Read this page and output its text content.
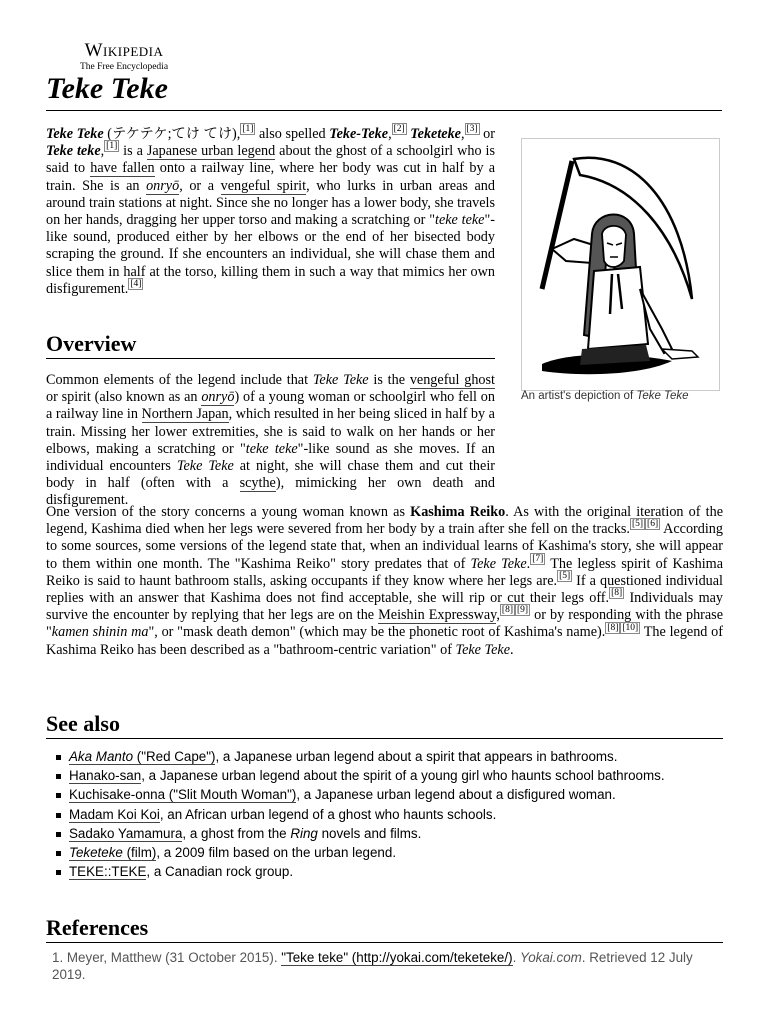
Wikipedia
The Free Encyclopedia
Teke Teke

Teke Teke (テケテケ;てけ てけ), [1] also spelled Teke-Teke, [2] Teketeke, [3] or Teke teke, [1] is a Japanese urban legend about the ghost of a schoolgirl who is said to have fallen onto a railway line, where her body was cut in half by a train. She is an onryō, or a vengeful spirit, who lurks in urban areas and around train stations at night. Since she no longer has a lower body, she travels on her hands, dragging her upper torso and making a scratching or "teke teke"-like sound, produced either by her elbows or the end of her bisected body scraping the ground. If she encounters an individual, she will chase them and slice them in half at the torso, killing them in such a way that mimics her own disfigurement. [4]

An artist's depiction of Teke Teke
Overview

Common elements of the legend include that Teke Teke is the vengeful ghost or spirit (also known as an onryō) of a young woman or schoolgirl who fell on a railway line in Northern Japan, which resulted in her being sliced in half by a train. Missing her lower extremities, she is said to walk on her hands or her elbows, making a scratching or "teke teke"-like sound as she moves. If an individual encounters Teke Teke at night, she will chase them and cut their body in half (often with a scythe), mimicking her own death and disfigurement.

One version of the story concerns a young woman known as Kashima Reiko. As with the original iteration of the legend, Kashima died when her legs were severed from her body by a train after she fell on the tracks. [5] [6] According to some sources, some versions of the legend state that, when an individual learns of Kashima's story, she will appear to them within one month. The "Kashima Reiko" story predates that of Teke Teke. [7] The legless spirit of Kashima Reiko is said to haunt bathroom stalls, asking occupants if they know where her legs are. [5] If a questioned individual replies with an answer that Kashima does not find acceptable, she will rip or cut their legs off. [8] Individuals may survive the encounter by replying that her legs are on the Meishin Expressway, [8] [9] or by responding with the phrase "kamen shinin ma", or "mask death demon" (which may be the phonetic root of Kashima's name). [8] [10] The legend of Kashima Reiko has been described as a "bathroom-centric variation" of Teke Teke.

See also
Aka Manto ("Red Cape"), a Japanese urban legend about a spirit that appears in bathrooms.
Hanako-san, a Japanese urban legend about the spirit of a young girl who haunts school bathrooms.
Kuchisake-onna ("Slit Mouth Woman"), a Japanese urban legend about a disfigured woman.
Madam Koi Koi, an African urban legend of a ghost who haunts schools.
Sadako Yamamura, a ghost from the Ring novels and films.
Teketeke (film), a 2009 film based on the urban legend.
TEKE::TEKE, a Canadian rock group.
References
1. Meyer, Matthew (31 October 2015). "Teke teke" (http://yokai.com/teketeke/). Yokai.com. Retrieved 12 July 2019.
